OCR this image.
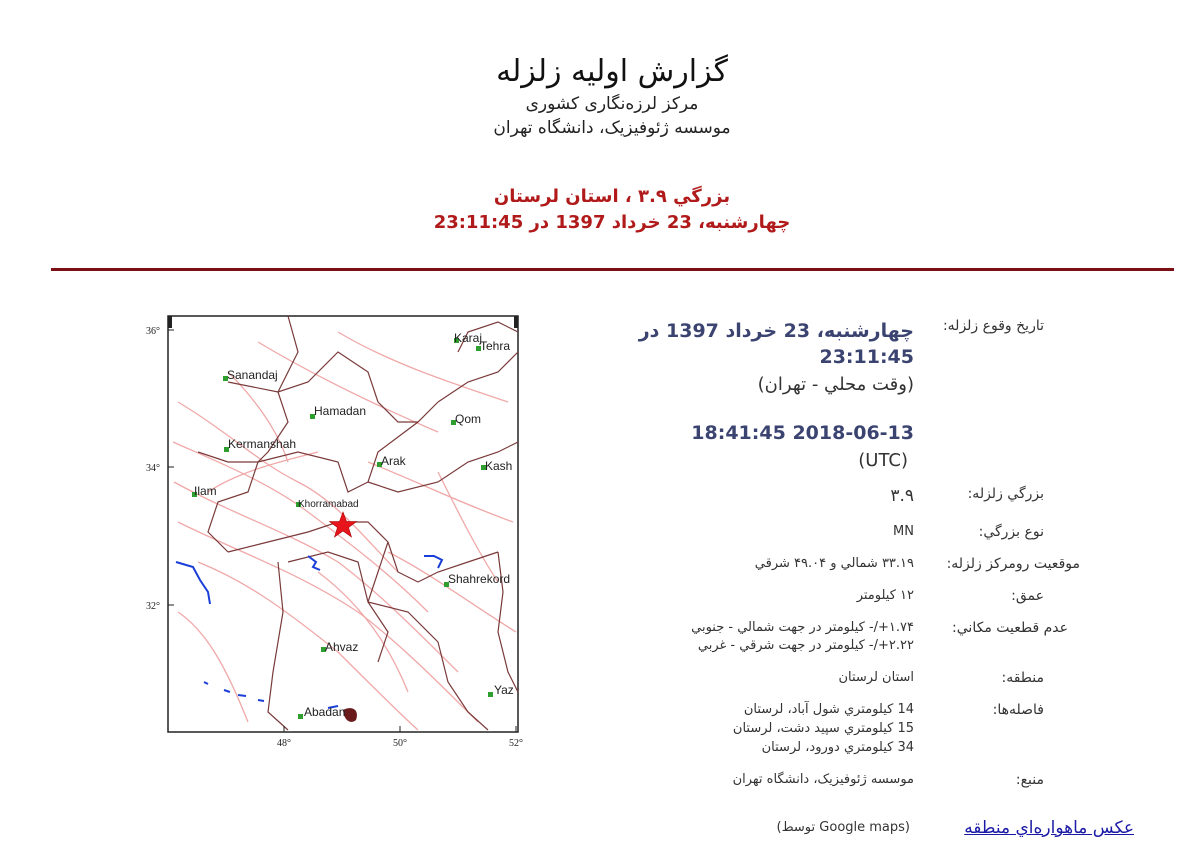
گزارش اولیه زلزله
مرکز لرزه‌نگاری کشوری
موسسه ژئوفیزیک، دانشگاه تهران
بزرگي ۳.۹ ، استان لرستان
چهارشنبه، 23 خرداد 1397 در 23:11:45
Karaj
Tehra
Sanandaj
Hamadan
Qom
Kermanshah
Arak	Kash
Ilam
Khorramabad
Shahrekord
Ahvaz
Yaz
Abadan
36°
34°
32°
48°	50°	52°
تاریخ وقوع زلزله:
چهارشنبه، 23 خرداد 1397 در
23:11:45
(وقت محلي - تهران)
2018-06-13 18:41:45
(UTC)
بزرگي زلزله:
۳.۹
نوع بزرگي:
MN
موقعيت رومرکز زلزله:
۳۳.۱۹ شمالي و ۴۹.۰۴ شرقي
عمق:
۱۲ کيلومتر
عدم قطعيت مکاني:
۱.۷۴+/- کيلومتر در جهت شمالي - جنوبي
۲.۲۲+/- کيلومتر در جهت شرقي - غربي
منطقه:
استان لرستان
فاصله‌ها:
14 کيلومتري شول آباد، لرستان
15 کيلومتري سپيد دشت، لرستان
34 کيلومتري دورود، لرستان
منبع:
موسسه ژئوفيزيک، دانشگاه تهران
عکس ماهواره‌اي منطقه
(توسط Google maps)
